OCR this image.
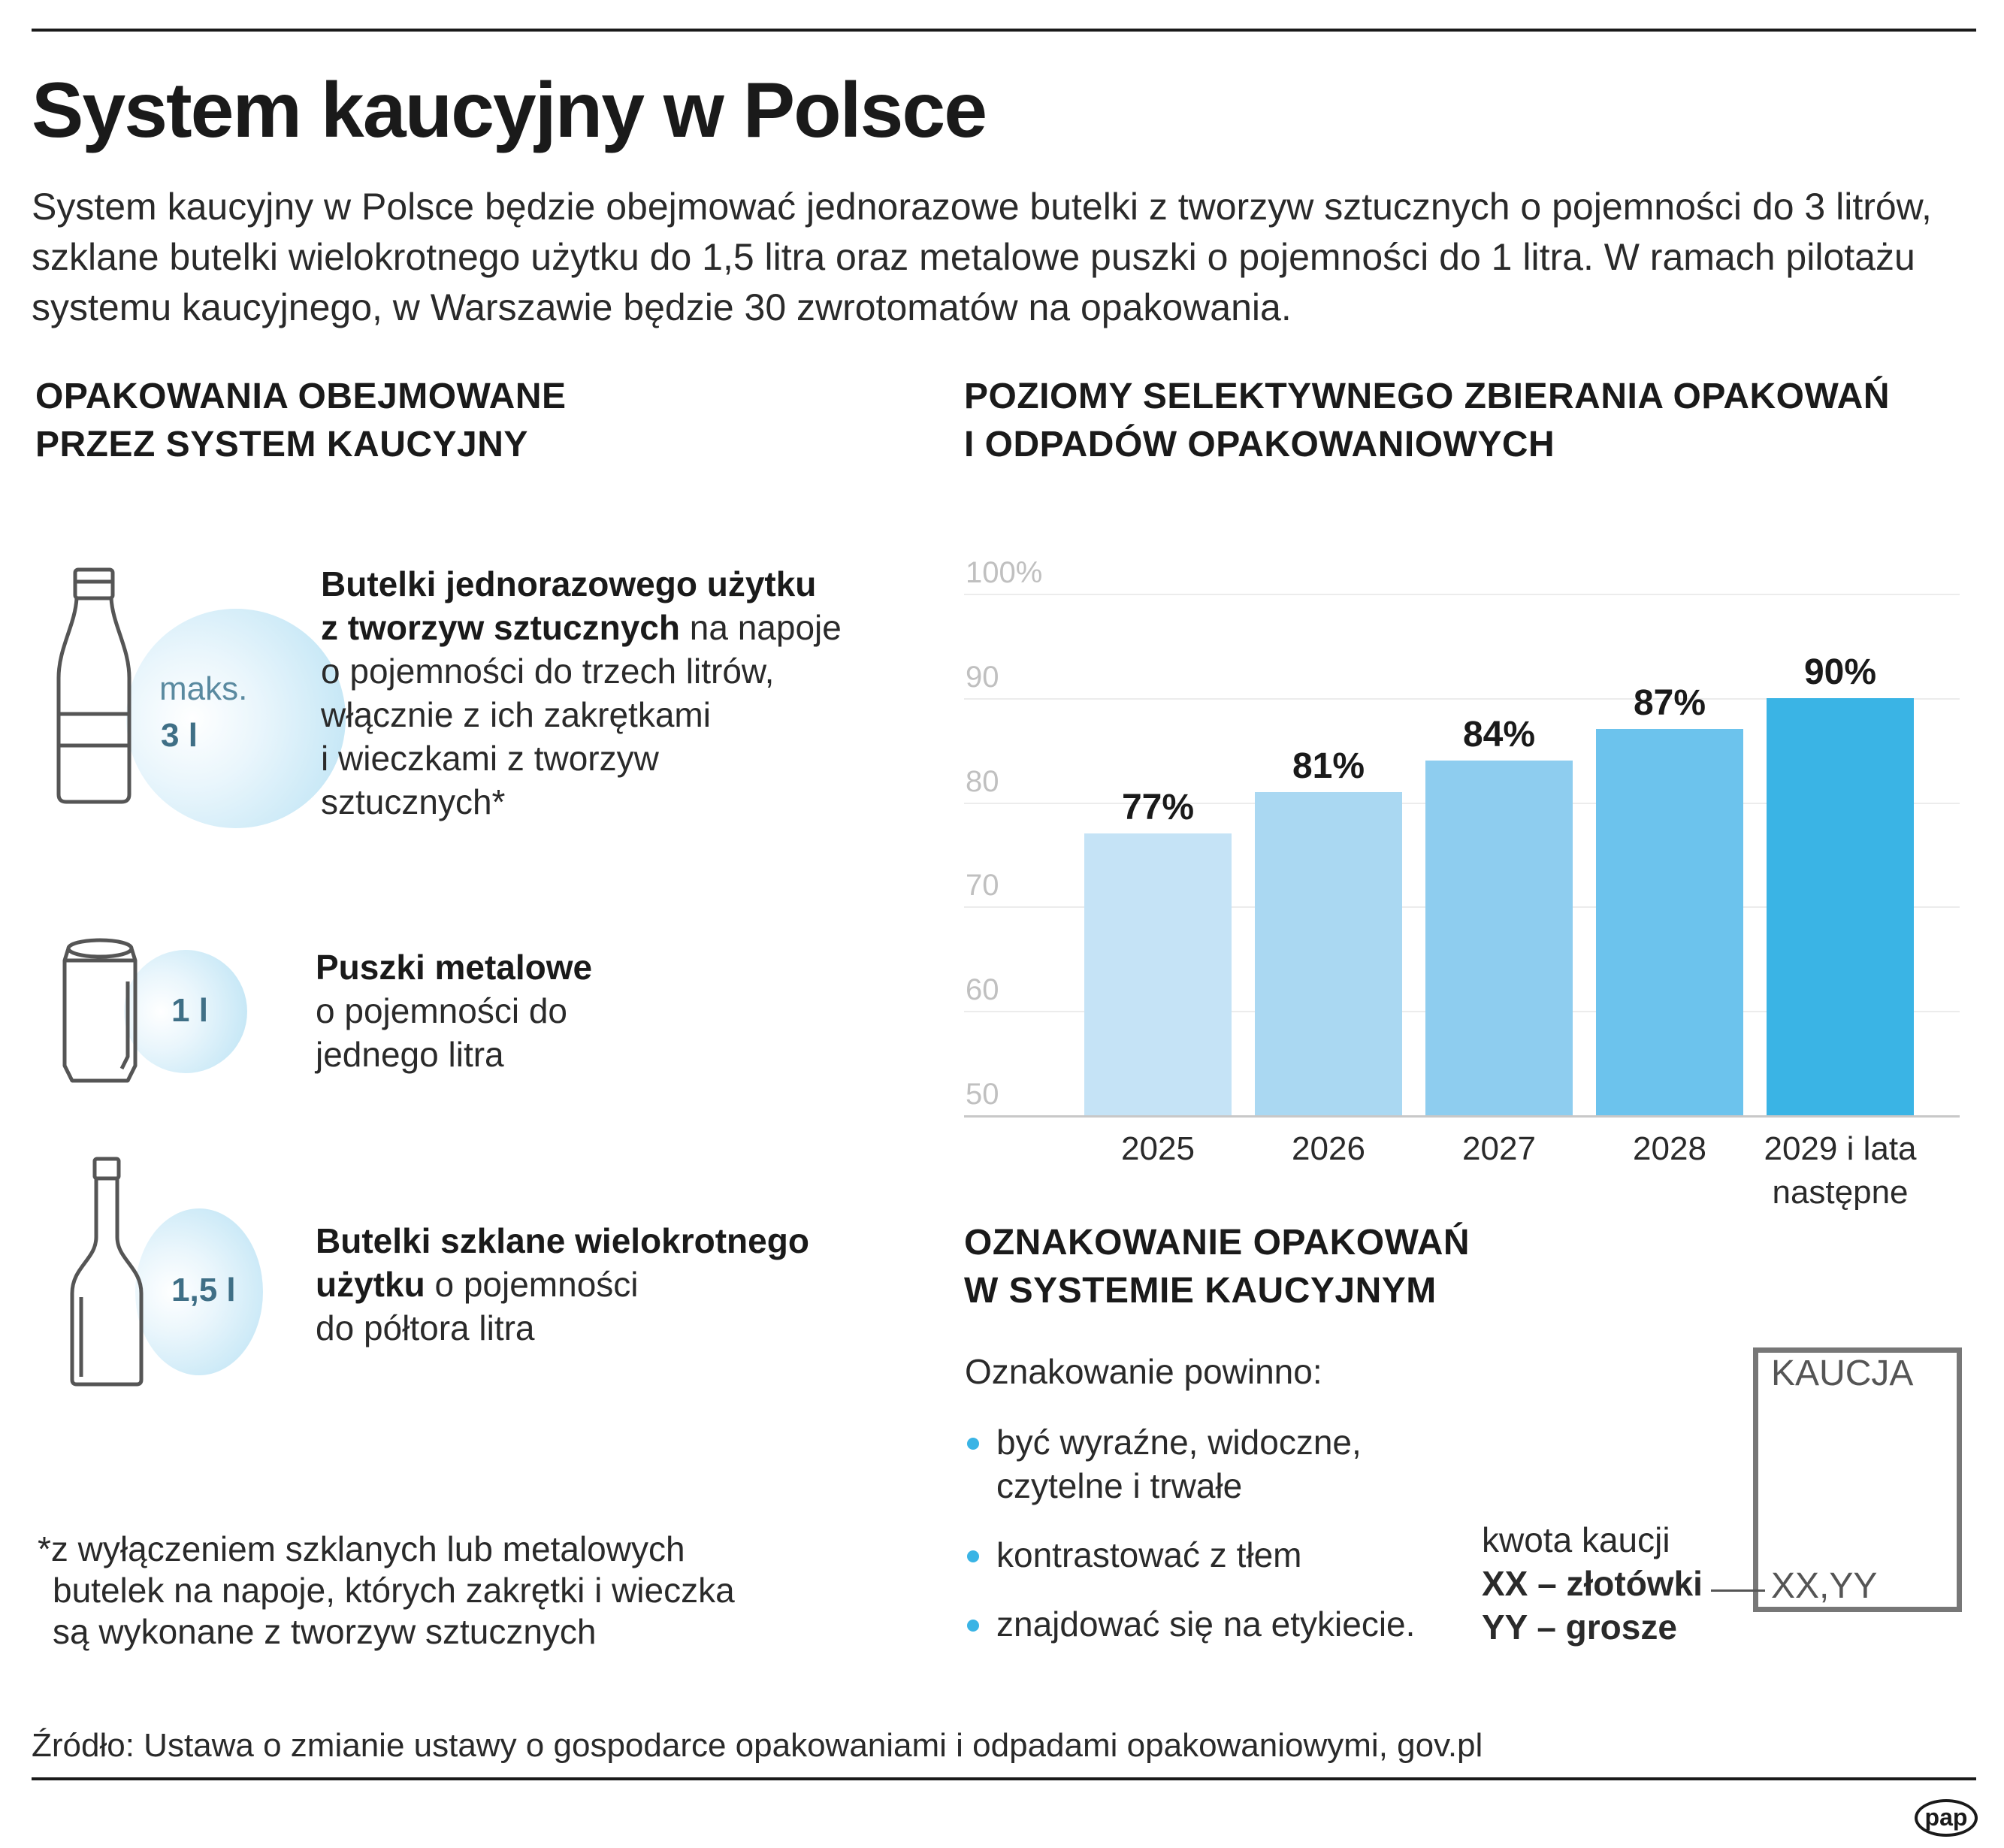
System kaucyjny w Polsce
System kaucyjny w Polsce będzie obejmować jednorazowe butelki z tworzyw sztucznych o pojemności do 3 litrów,
szklane butelki wielokrotnego użytku do 1,5 litra oraz metalowe puszki o pojemności do 1 litra. W ramach pilotażu
systemu kaucyjnego, w Warszawie będzie 30 zwrotomatów na opakowania.
OPAKOWANIA OBEJMOWANE
PRZEZ SYSTEM KAUCYJNY
maks.
3 l
Butelki jednorazowego użytku
z tworzyw sztucznych na napoje
o pojemności do trzech litrów,
włącznie z ich zakrętkami
i wieczkami z tworzyw
sztucznych*
1 l
Puszki metalowe
o pojemności do
jednego litra
1,5 l
Butelki szklane wielokrotnego
użytku o pojemności
do półtora litra
*z wyłączeniem szklanych lub metalowych
butelek na napoje, których zakrętki i wieczka
są wykonane z tworzyw sztucznych
POZIOMY SELEKTYWNEGO ZBIERANIA OPAKOWAŃ
I ODPADÓW OPAKOWANIOWYCH
100%
90
80
70
60
50
77%
2025
81%
2026
84%
2027
87%
2028
90%
2029 i lata
następne
OZNAKOWANIE OPAKOWAŃ
W SYSTEMIE KAUCYJNYM
Oznakowanie powinno:
być wyraźne, widoczne,
czytelne i trwałe
kontrastować z tłem
znajdować się na etykiecie.
KAUCJA
XX,YY
kwota kaucji
XX – złotówki
YY – grosze
Źródło: Ustawa o zmianie ustawy o gospodarce opakowaniami i odpadami opakowaniowymi, gov.pl
pap
